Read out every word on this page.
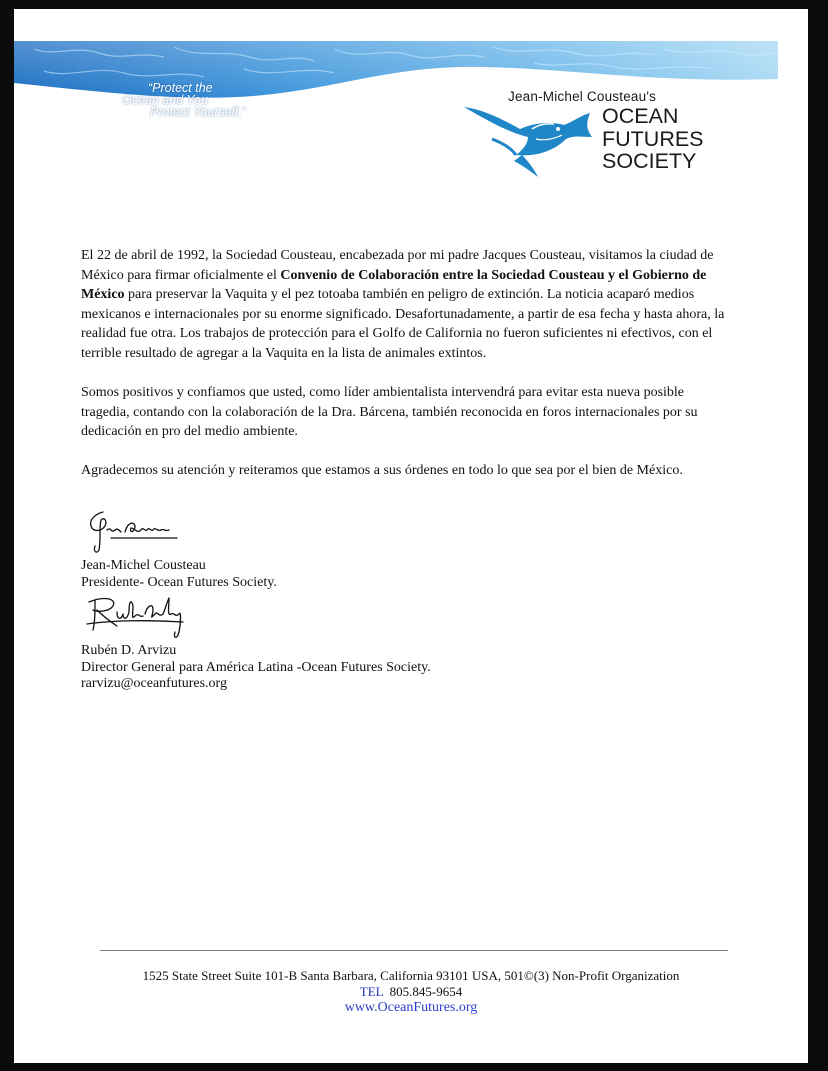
“Protect the
Ocean and You
Protect Yourself.”
Jean-Michel Cousteau's
OCEAN
FUTURES
SOCIETY

El 22 de abril de 1992, la Sociedad Cousteau, encabezada por mi padre Jacques Cousteau, visitamos la ciudad de México para firmar oficialmente el Convenio de Colaboración entre la Sociedad Cousteau y el Gobierno de México para preservar la Vaquita y el pez totoaba también en peligro de extinción. La noticia acaparó medios mexicanos e internacionales por su enorme significado. Desafortunadamente, a partir de esa fecha y hasta ahora, la realidad fue otra. Los trabajos de protección para el Golfo de California no fueron suficientes ni efectivos, con el terrible resultado de agregar a la Vaquita en la lista de animales extintos.

Somos positivos y confiamos que usted, como líder ambientalista intervendrá para evitar esta nueva posible tragedia, contando con la colaboración de la Dra. Bárcena, también reconocida en foros internacionales por su dedicación en pro del medio ambiente.

Agradecemos su atención y reiteramos que estamos a sus órdenes en todo lo que sea por el bien de México.

Jean-Michel Cousteau
Presidente- Ocean Futures Society.
Rubén D. Arvizu
Director General para América Latina -Ocean Futures Society.
rarvizu@oceanfutures.org
1525 State Street Suite 101-B Santa Barbara, California 93101 USA, 501©(3) Non-Profit Organization
TEL 805.845-9654
www.OceanFutures.org
